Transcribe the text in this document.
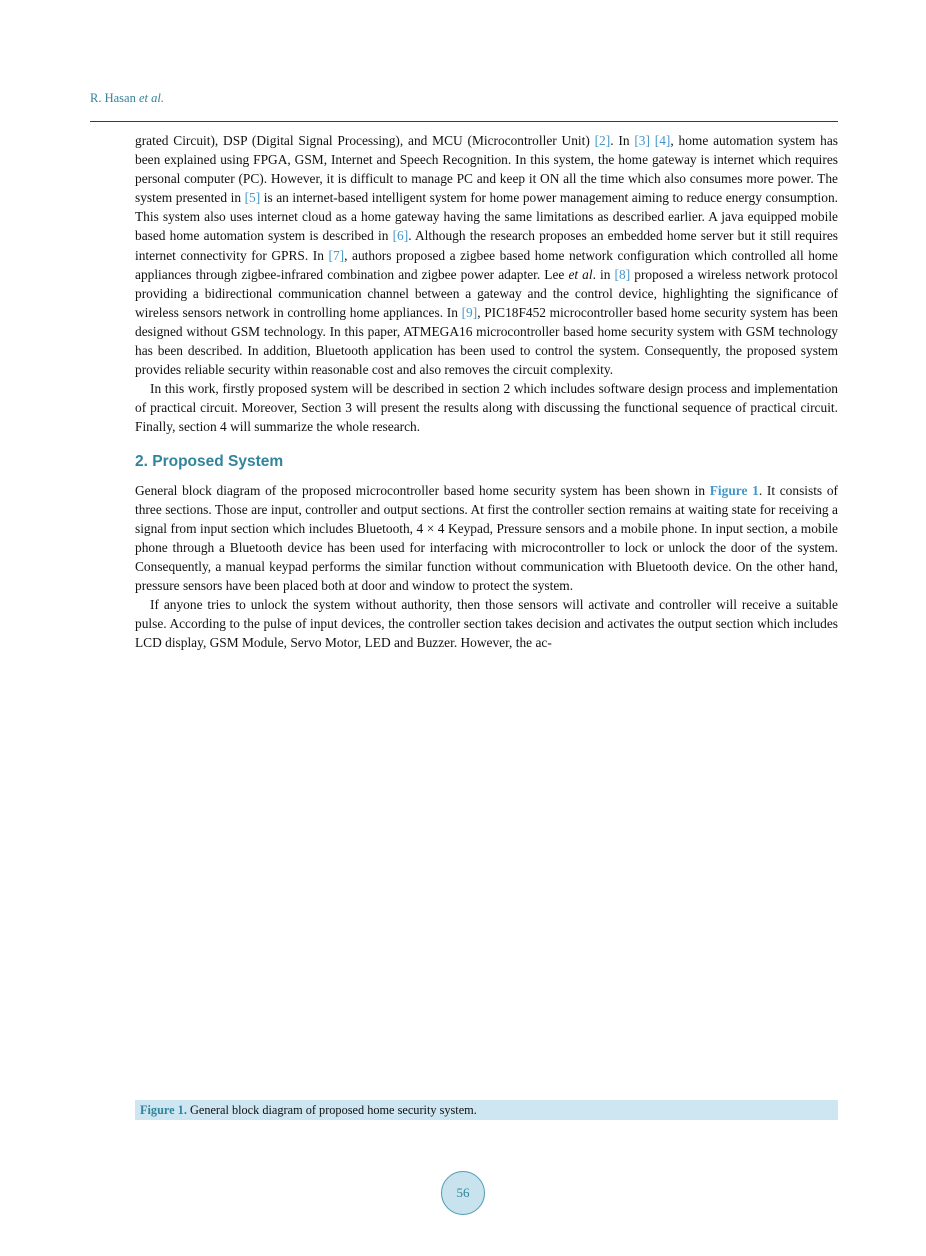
R. Hasan et al.

grated Circuit), DSP (Digital Signal Processing), and MCU (Microcontroller Unit) [2]. In [3] [4], home automation system has been explained using FPGA, GSM, Internet and Speech Recognition. In this system, the home gateway is internet which requires personal computer (PC). However, it is difficult to manage PC and keep it ON all the time which also consumes more power. The system presented in [5] is an internet-based intelligent system for home power management aiming to reduce energy consumption. This system also uses internet cloud as a home gateway having the same limitations as described earlier. A java equipped mobile based home automation system is described in [6]. Although the research proposes an embedded home server but it still requires internet connectivity for GPRS. In [7], authors proposed a zigbee based home network configuration which controlled all home appliances through zigbee-infrared combination and zigbee power adapter. Lee et al. in [8] proposed a wireless network protocol providing a bidirectional communication channel between a gateway and the control device, highlighting the significance of wireless sensors network in controlling home appliances. In [9], PIC18F452 microcontroller based home security system has been designed without GSM technology. In this paper, ATMEGA16 microcontroller based home security system with GSM technology has been described. In addition, Bluetooth application has been used to control the system. Consequently, the proposed system provides reliable security within reasonable cost and also removes the circuit complexity.

In this work, firstly proposed system will be described in section 2 which includes software design process and implementation of practical circuit. Moreover, Section 3 will present the results along with discussing the functional sequence of practical circuit. Finally, section 4 will summarize the whole research.

2. Proposed System

General block diagram of the proposed microcontroller based home security system has been shown in Figure 1. It consists of three sections. Those are input, controller and output sections. At first the controller section remains at waiting state for receiving a signal from input section which includes Bluetooth, 4 × 4 Keypad, Pressure sensors and a mobile phone. In input section, a mobile phone through a Bluetooth device has been used for interfacing with microcontroller to lock or unlock the door of the system. Consequently, a manual keypad performs the similar function without communication with Bluetooth device. On the other hand, pressure sensors have been placed both at door and window to protect the system.

If anyone tries to unlock the system without authority, then those sensors will activate and controller will receive a suitable pulse. According to the pulse of input devices, the controller section takes decision and activates the output section which includes LCD display, GSM Module, Servo Motor, LED and Buzzer. However, the ac-

Figure 1. General block diagram of proposed home security system.
56
